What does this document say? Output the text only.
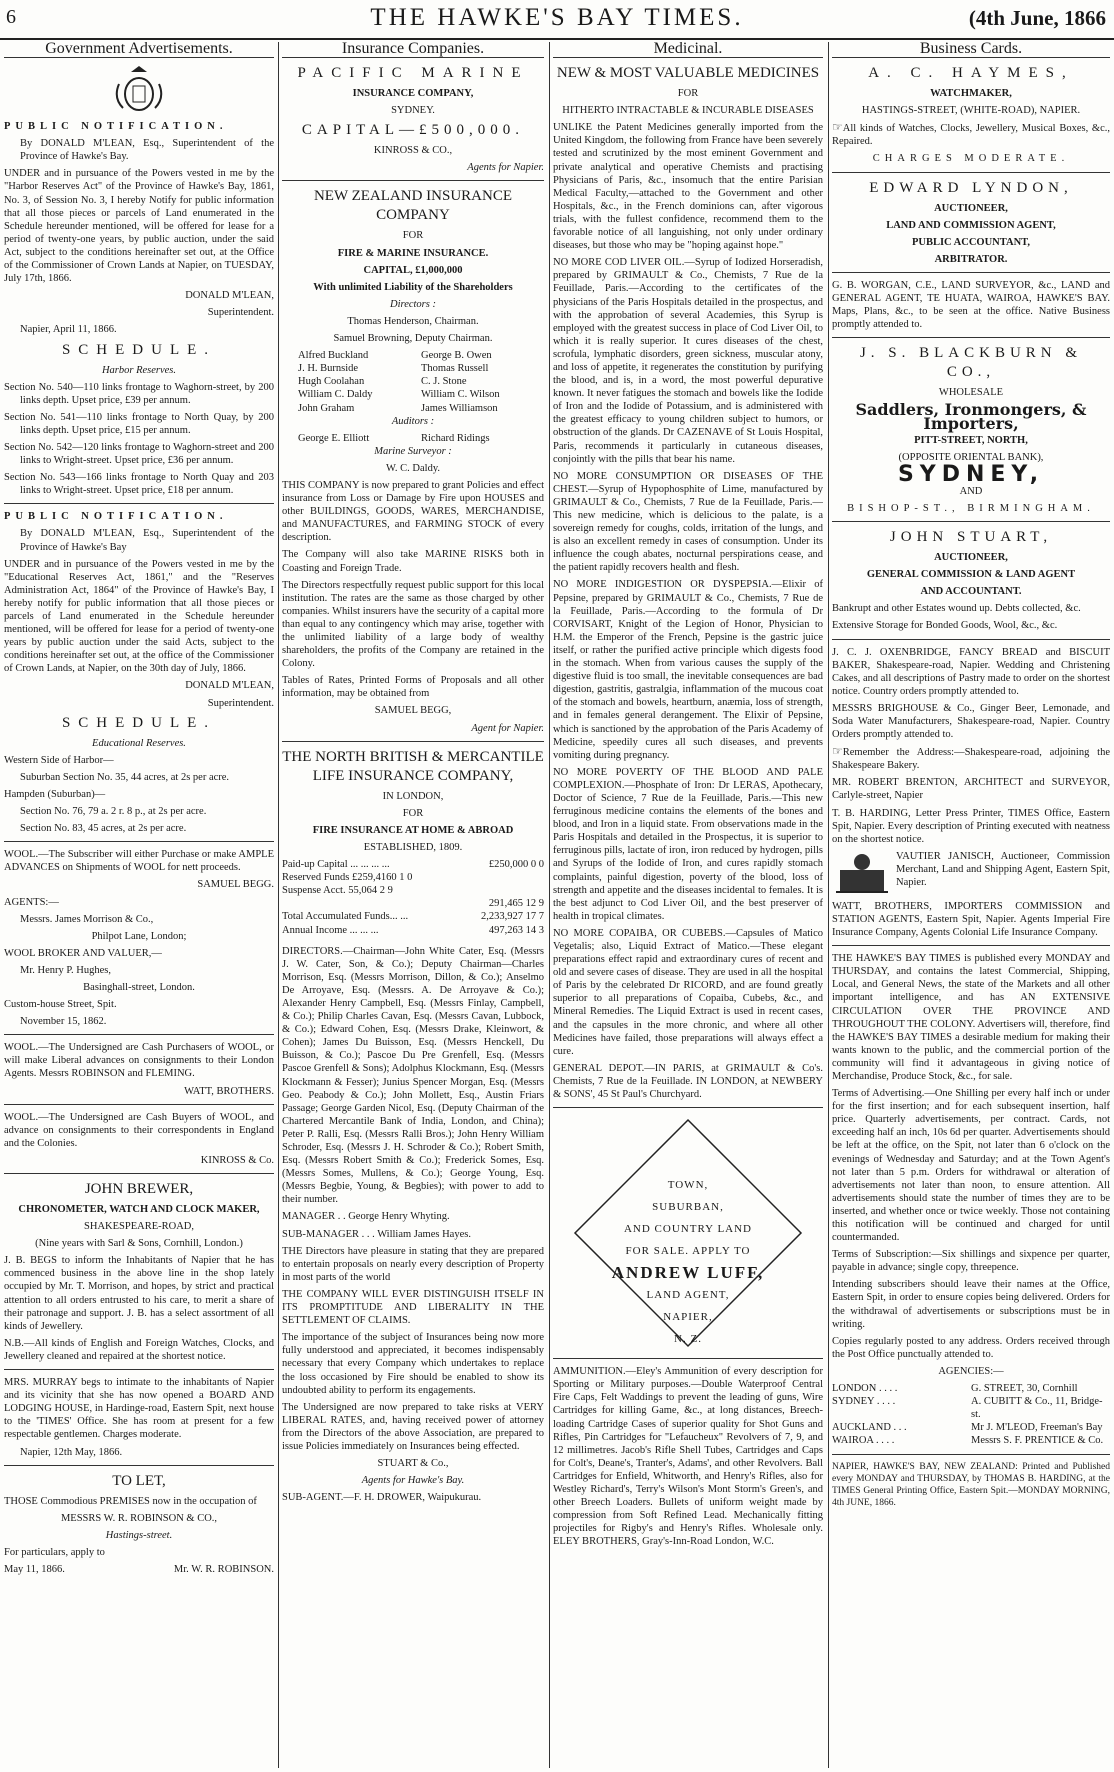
6	THE HAWKE'S BAY TIMES.	(4th June, 1866
Government Advertisements.

PUBLIC NOTIFICATION.

By DONALD M'LEAN, Esq., Superintendent of the Province of Hawke's Bay.

UNDER and in pursuance of the Powers vested in me by the "Harbor Reserves Act" of the Province of Hawke's Bay, 1861, No. 3, of Session No. 3, I hereby Notify for public information that all those pieces or parcels of Land enumerated in the Schedule hereunder mentioned, will be offered for lease for a period of twenty-one years, by public auction, under the said Act, subject to the conditions hereinafter set out, at the Office of the Commissioner of Crown Lands at Napier, on TUESDAY, July 17th, 1866.

DONALD M'LEAN,

Superintendent.

Napier, April 11, 1866.

SCHEDULE.

Harbor Reserves.

Section No. 540—110 links frontage to Waghorn-street, by 200 links depth. Upset price, £39 per annum.

Section No. 541—110 links frontage to North Quay, by 200 links depth. Upset price, £15 per annum.

Section No. 542—120 links frontage to Waghorn-street and 200 links to Wright-street. Upset price, £36 per annum.

Section No. 543—166 links frontage to North Quay and 203 links to Wright-street. Upset price, £18 per annum.

PUBLIC NOTIFICATION.

By DONALD M'LEAN, Esq., Superintendent of the Province of Hawke's Bay

UNDER and in pursuance of the Powers vested in me by the "Educational Reserves Act, 1861," and the "Reserves Administration Act, 1864" of the Province of Hawke's Bay, I hereby notify for public information that all those pieces or parcels of Land enumerated in the Schedule hereunder mentioned, will be offered for lease for a period of twenty-one years by public auction under the said Acts, subject to the conditions hereinafter set out, at the office of the Commissioner of Crown Lands, at Napier, on the 30th day of July, 1866.

DONALD M'LEAN,

Superintendent.

SCHEDULE.

Educational Reserves.

Western Side of Harbor—

Suburban Section No. 35, 44 acres, at 2s per acre.

Hampden (Suburban)—

Section No. 76, 79 a. 2 r. 8 p., at 2s per acre.

Section No. 83, 45 acres, at 2s per acre.

WOOL.—The Subscriber will either Purchase or make AMPLE ADVANCES on Shipments of WOOL for nett proceeds.

SAMUEL BEGG.

AGENTS:—

Messrs. James Morrison & Co.,

Philpot Lane, London;

WOOL BROKER AND VALUER,—

Mr. Henry P. Hughes,

Basinghall-street, London.

Custom-house Street, Spit.

November 15, 1862.

WOOL.—The Undersigned are Cash Purchasers of WOOL, or will make Liberal advances on consignments to their London Agents. Messrs ROBINSON and FLEMING.

WATT, BROTHERS.

WOOL.—The Undersigned are Cash Buyers of WOOL, and advance on consignments to their correspondents in England and the Colonies.

KINROSS & Co.

JOHN BREWER,

CHRONOMETER, WATCH AND CLOCK MAKER,

SHAKESPEARE-ROAD,

(Nine years with Sarl & Sons, Cornhill, London.)

J. B. BEGS to inform the Inhabitants of Napier that he has commenced business in the above line in the shop lately occupied by Mr. T. Morrison, and hopes, by strict and practical attention to all orders entrusted to his care, to merit a share of their patronage and support. J. B. has a select assortment of all kinds of Jewellery.

N.B.—All kinds of English and Foreign Watches, Clocks, and Jewellery cleaned and repaired at the shortest notice.

MRS. MURRAY begs to intimate to the inhabitants of Napier and its vicinity that she has now opened a BOARD AND LODGING HOUSE, in Hardinge-road, Eastern Spit, next house to the 'TIMES' Office. She has room at present for a few respectable gentlemen. Charges moderate.

Napier, 12th May, 1866.

TO LET,

THOSE Commodious PREMISES now in the occupation of

MESSRS W. R. ROBINSON & CO.,

Hastings-street.

For particulars, apply to

May 11, 1866.	Mr. W. R. ROBINSON.
Insurance Companies.

PACIFIC MARINE

INSURANCE COMPANY,

SYDNEY.

CAPITAL—£500,000.

KINROSS & CO.,

Agents for Napier.

NEW ZEALAND INSURANCE COMPANY

FOR

FIRE & MARINE INSURANCE.

CAPITAL, £1,000,000

With unlimited Liability of the Shareholders

Directors :

Thomas Henderson, Chairman.

Samuel Browning, Deputy Chairman.

Alfred Buckland	George B. Owen
J. H. Burnside	Thomas Russell
Hugh Coolahan	C. J. Stone
William C. Daldy	William C. Wilson
John Graham	James Williamson

Auditors :

George E. Elliott	Richard Ridings

Marine Surveyor :

W. C. Daldy.

THIS COMPANY is now prepared to grant Policies and effect insurance from Loss or Damage by Fire upon HOUSES and other BUILDINGS, GOODS, WARES, MERCHANDISE, and MANUFACTURES, and FARMING STOCK of every description.

The Company will also take MARINE RISKS both in Coasting and Foreign Trade.

The Directors respectfully request public support for this local institution. The rates are the same as those charged by other companies. Whilst insurers have the security of a capital more than equal to any contingency which may arise, together with the unlimited liability of a large body of wealthy shareholders, the profits of the Company are retained in the Colony.

Tables of Rates, Printed Forms of Proposals and all other information, may be obtained from

SAMUEL BEGG,

Agent for Napier.

THE NORTH BRITISH & MERCANTILE LIFE INSURANCE COMPANY,

IN LONDON,

FOR

FIRE INSURANCE AT HOME & ABROAD

ESTABLISHED, 1809.

Paid-up Capital ... ... ... ...	£250,000 0 0
Reserved Funds £259,4160 1 0
Suspense Acct. 55,064 2 9
291,465 12 9
Total Accumulated Funds... ...	2,233,927 17 7
Annual Income ... ... ...	497,263 14 3

DIRECTORS.—Chairman—John White Cater, Esq. (Messrs J. W. Cater, Son, & Co.); Deputy Chairman—Charles Morrison, Esq. (Messrs Morrison, Dillon, & Co.); Anselmo De Arroyave, Esq. (Messrs. A. De Arroyave & Co.); Alexander Henry Campbell, Esq. (Messrs Finlay, Campbell, & Co.); Philip Charles Cavan, Esq. (Messrs Cavan, Lubbock, & Co.); Edward Cohen, Esq. (Messrs Drake, Kleinwort, & Cohen); James Du Buisson, Esq. (Messrs Henckell, Du Buisson, & Co.); Pascoe Du Pre Grenfell, Esq. (Messrs Pascoe Grenfell & Sons); Adolphus Klockmann, Esq. (Messrs Klockmann & Fesser); Junius Spencer Morgan, Esq. (Messrs Geo. Peabody & Co.); John Mollett, Esq., Austin Friars Passage; George Garden Nicol, Esq. (Deputy Chairman of the Chartered Mercantile Bank of India, London, and China); Peter P. Ralli, Esq. (Messrs Ralli Bros.); John Henry William Schroder, Esq. (Messrs J. H. Schroder & Co.); Robert Smith, Esq. (Messrs Robert Smith & Co.); Frederick Somes, Esq. (Messrs Somes, Mullens, & Co.); George Young, Esq. (Messrs Begbie, Young, & Begbies); with power to add to their number.

MANAGER . . George Henry Whyting.

SUB-MANAGER . . . William James Hayes.

THE Directors have pleasure in stating that they are prepared to entertain proposals on nearly every description of Property in most parts of the world

THE COMPANY WILL EVER DISTINGUISH ITSELF IN ITS PROMPTITUDE AND LIBERALITY IN THE SETTLEMENT OF CLAIMS.

The importance of the subject of Insurances being now more fully understood and appreciated, it becomes indispensably necessary that every Company which undertakes to replace the loss occasioned by Fire should be enabled to show its undoubted ability to perform its engagements.

The Undersigned are now prepared to take risks at VERY LIBERAL RATES, and, having received power of attorney from the Directors of the above Association, are prepared to issue Policies immediately on Insurances being effected.

STUART & Co.,

Agents for Hawke's Bay.

SUB-AGENT.—F. H. DROWER, Waipukurau.

Medicinal.

NEW & MOST VALUABLE MEDICINES

FOR

HITHERTO INTRACTABLE & INCURABLE DISEASES

UNLIKE the Patent Medicines generally imported from the United Kingdom, the following from France have been severely tested and scrutinized by the most eminent Government and private analytical and operative Chemists and practising Physicians of Paris, &c., insomuch that the entire Parisian Medical Faculty,—attached to the Government and other Hospitals, &c., in the French dominions can, after vigorous trials, with the fullest confidence, recommend them to the favorable notice of all languishing, not only under ordinary diseases, but those who may be "hoping against hope."

NO MORE COD LIVER OIL.—Syrup of Iodized Horseradish, prepared by GRIMAULT & Co., Chemists, 7 Rue de la Feuillade, Paris.—According to the certificates of the physicians of the Paris Hospitals detailed in the prospectus, and with the approbation of several Academies, this Syrup is employed with the greatest success in place of Cod Liver Oil, to which it is really superior. It cures diseases of the chest, scrofula, lymphatic disorders, green sickness, muscular atony, and loss of appetite, it regenerates the constitution by purifying the blood, and is, in a word, the most powerful depurative known. It never fatigues the stomach and bowels like the Iodide of Iron and the Iodide of Potassium, and is administered with the greatest efficacy to young children subject to humors, or obstruction of the glands. Dr CAZENAVE of St Louis Hospital, Paris, recommends it particularly in cutaneous diseases, conjointly with the pills that bear his name.

NO MORE CONSUMPTION OR DISEASES OF THE CHEST.—Syrup of Hypophosphite of Lime, manufactured by GRIMAULT & Co., Chemists, 7 Rue de la Feuillade, Paris.—This new medicine, which is delicious to the palate, is a sovereign remedy for coughs, colds, irritation of the lungs, and is also an excellent remedy in cases of consumption. Under its influence the cough abates, nocturnal perspirations cease, and the patient rapidly recovers health and flesh.

NO MORE INDIGESTION OR DYSPEPSIA.—Elixir of Pepsine, prepared by GRIMAULT & Co., Chemists, 7 Rue de la Feuillade, Paris.—According to the formula of Dr CORVISART, Knight of the Legion of Honor, Physician to H.M. the Emperor of the French, Pepsine is the gastric juice itself, or rather the purified active principle which digests food in the stomach. When from various causes the supply of the digestive fluid is too small, the inevitable consequences are bad digestion, gastritis, gastralgia, inflammation of the mucous coat of the stomach and bowels, heartburn, anæmia, loss of strength, and in females general derangement. The Elixir of Pepsine, which is sanctioned by the approbation of the Paris Academy of Medicine, speedily cures all such diseases, and prevents vomiting during pregnancy.

NO MORE POVERTY OF THE BLOOD AND PALE COMPLEXION.—Phosphate of Iron: Dr LERAS, Apothecary, Doctor of Science, 7 Rue de la Feuillade, Paris.—This new ferruginous medicine contains the elements of the bones and blood, and Iron in a liquid state. From observations made in the Paris Hospitals and detailed in the Prospectus, it is superior to ferruginous pills, lactate of iron, iron reduced by hydrogen, pills and Syrups of the Iodide of Iron, and cures rapidly stomach complaints, painful digestion, poverty of the blood, loss of strength and appetite and the diseases incidental to females. It is the best adjunct to Cod Liver Oil, and the best preserver of health in tropical climates.

NO MORE COPAIBA, OR CUBEBS.—Capsules of Matico Vegetalis; also, Liquid Extract of Matico.—These elegant preparations effect rapid and extraordinary cures of recent and old and severe cases of disease. They are used in all the hospital of Paris by the celebrated Dr RICORD, and are found greatly superior to all preparations of Copaiba, Cubebs, &c., and Mineral Remedies. The Liquid Extract is used in recent cases, and the capsules in the more chronic, and where all other Medicines have failed, those preparations will always effect a cure.

GENERAL DEPOT.—IN PARIS, at GRIMAULT & Co's. Chemists, 7 Rue de la Feuillade. IN LONDON, at NEWBERY & SONS', 45 St Paul's Churchyard.

TOWN,
SUBURBAN,
AND COUNTRY LAND
FOR SALE. APPLY TO
ANDREW LUFF,
LAND AGENT,
NAPIER,
N. Z.

AMMUNITION.—Eley's Ammunition of every description for Sporting or Military purposes.—Double Waterproof Central Fire Caps, Felt Waddings to prevent the leading of guns, Wire Cartridges for killing Game, &c., at long distances, Breech-loading Cartridge Cases of superior quality for Shot Guns and Rifles, Pin Cartridges for "Lefaucheux" Revolvers of 7, 9, and 12 millimetres. Jacob's Rifle Shell Tubes, Cartridges and Caps for Colt's, Deane's, Tranter's, Adams', and other Revolvers. Ball Cartridges for Enfield, Whitworth, and Henry's Rifles, also for Westley Richard's, Terry's Wilson's Mont Storm's Green's, and other Breech Loaders. Bullets of uniform weight made by compression from Soft Refined Lead. Mechanically fitting projectiles for Rigby's and Henry's Rifles. Wholesale only. ELEY BROTHERS, Gray's-Inn-Road London, W.C.

Business Cards.

A. C. HAYMES,

WATCHMAKER,

HASTINGS-STREET, (WHITE-ROAD), NAPIER.

☞All kinds of Watches, Clocks, Jewellery, Musical Boxes, &c., Repaired.

CHARGES MODERATE.

EDWARD LYNDON,

AUCTIONEER,

LAND AND COMMISSION AGENT,

PUBLIC ACCOUNTANT,

ARBITRATOR.

G. B. WORGAN, C.E., LAND SURVEYOR, &c., LAND and GENERAL AGENT, TE HUATA, WAIROA, HAWKE'S BAY. Maps, Plans, &c., to be seen at the office. Native Business promptly attended to.

J. S. BLACKBURN & CO.,

WHOLESALE

Saddlers, Ironmongers, & Importers,

PITT-STREET, NORTH,

(OPPOSITE ORIENTAL BANK),

SYDNEY,

AND

BISHOP-ST., BIRMINGHAM.

JOHN STUART,

AUCTIONEER,

GENERAL COMMISSION & LAND AGENT

AND ACCOUNTANT.

Bankrupt and other Estates wound up. Debts collected, &c.

Extensive Storage for Bonded Goods, Wool, &c., &c.

J. C. J. OXENBRIDGE, FANCY BREAD and BISCUIT BAKER, Shakespeare-road, Napier. Wedding and Christening Cakes, and all descriptions of Pastry made to order on the shortest notice. Country orders promptly attended to.

MESSRS BRIGHOUSE & Co., Ginger Beer, Lemonade, and Soda Water Manufacturers, Shakespeare-road, Napier. Country Orders promptly attended to.

☞Remember the Address:—Shakespeare-road, adjoining the Shakespeare Bakery.

MR. ROBERT BRENTON, ARCHITECT and SURVEYOR, Carlyle-street, Napier

T. B. HARDING, Letter Press Printer, TIMES Office, Eastern Spit, Napier. Every description of Printing executed with neatness on the shortest notice.

VAUTIER JANISCH, Auctioneer, Commission Merchant, Land and Shipping Agent, Eastern Spit, Napier.

WATT, BROTHERS, IMPORTERS COMMISSION and STATION AGENTS, Eastern Spit, Napier. Agents Imperial Fire Insurance Company, Agents Colonial Life Insurance Company.

THE HAWKE'S BAY TIMES is published every MONDAY and THURSDAY, and contains the latest Commercial, Shipping, Local, and General News, the state of the Markets and all other important intelligence, and has AN EXTENSIVE CIRCULATION OVER THE PROVINCE AND THROUGHOUT THE COLONY. Advertisers will, therefore, find the HAWKE'S BAY TIMES a desirable medium for making their wants known to the public, and the commercial portion of the community will find it advantageous in giving notice of Merchandise, Produce Stock, &c., for sale.

Terms of Advertising.—One Shilling per every half inch or under for the first insertion; and for each subsequent insertion, half price. Quarterly advertisements, per contract. Cards, not exceeding half an inch, 10s 6d per quarter. Advertisements should be left at the office, on the Spit, not later than 6 o'clock on the evenings of Wednesday and Saturday; and at the Town Agent's not later than 5 p.m. Orders for withdrawal or alteration of advertisements not later than noon, to ensure attention. All advertisements should state the number of times they are to be inserted, and whether once or twice weekly. Those not containing this notification will be continued and charged for until countermanded.

Terms of Subscription:—Six shillings and sixpence per quarter, payable in advance; single copy, threepence.

Intending subscribers should leave their names at the Office, Eastern Spit, in order to ensure copies being delivered. Orders for the withdrawal of advertisements or subscriptions must be in writing.

Copies regularly posted to any address. Orders received through the Post Office punctually attended to.

AGENCIES:—

LONDON . . . .	G. STREET, 30, Cornhill
SYDNEY . . . .	A. CUBITT & Co., 11, Bridge-st.
AUCKLAND . . .	Mr J. M'LEOD, Freeman's Bay
WAIROA . . . .	Messrs S. F. PRENTICE & Co.

NAPIER, HAWKE'S BAY, NEW ZEALAND: Printed and Published every MONDAY and THURSDAY, by THOMAS B. HARDING, at the TIMES General Printing Office, Eastern Spit.—MONDAY MORNING, 4th JUNE, 1866.
